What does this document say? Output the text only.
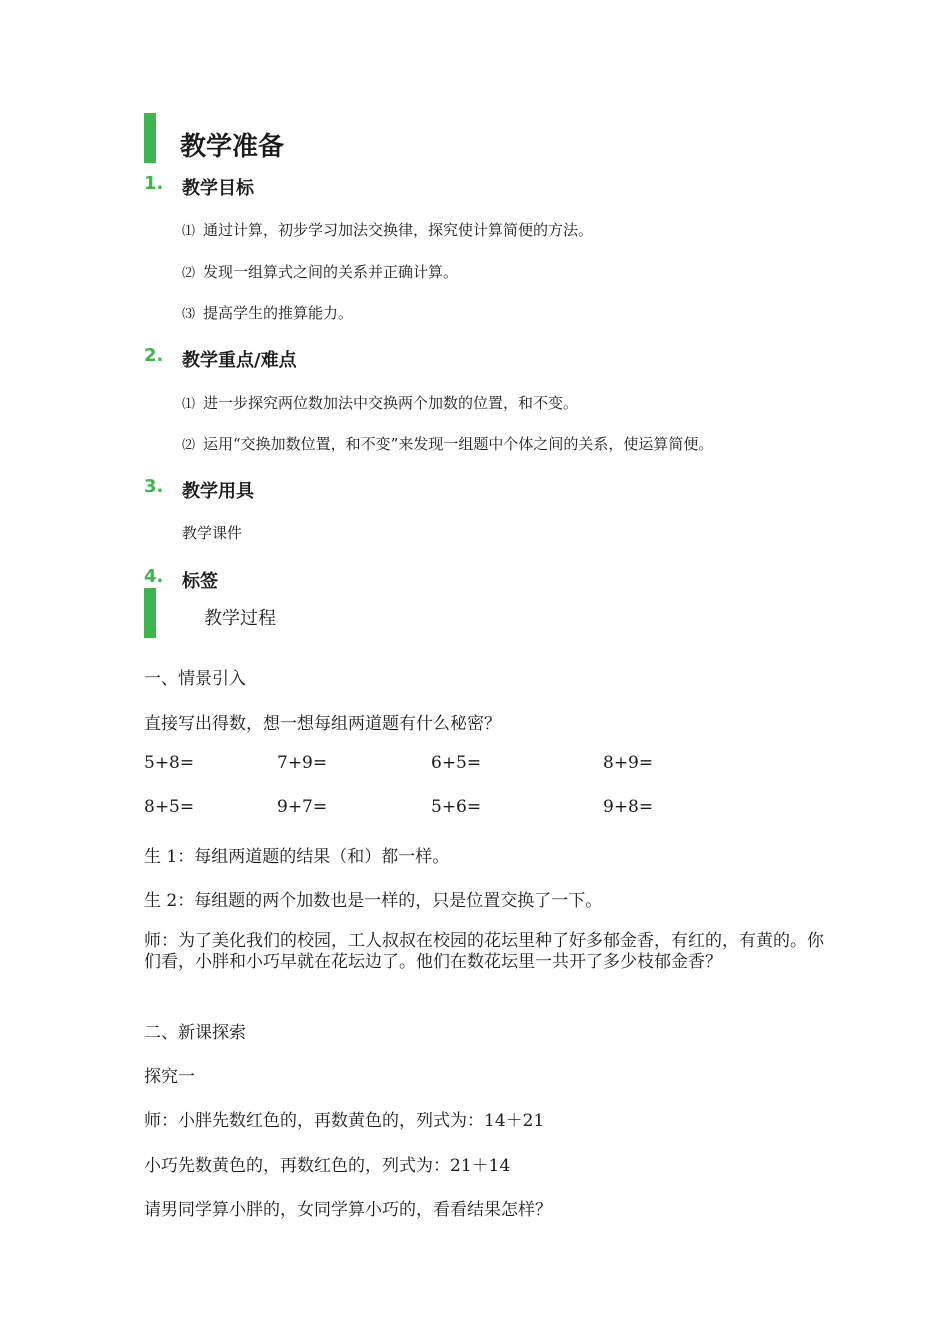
教学准备
1. 教学目标
⑴ 通过计算，初步学习加法交换律，探究使计算简便的方法。
⑵ 发现一组算式之间的关系并正确计算。
⑶ 提高学生的推算能力。
2. 教学重点/难点
⑴ 进一步探究两位数加法中交换两个加数的位置，和不变。
⑵ 运用“交换加数位置，和不变”来发现一组题中个体之间的关系，使运算简便。
3. 教学用具
教学课件
4. 标签
教学过程
一、情景引入
直接写出得数，想一想每组两道题有什么秘密？
5+8=	7+9=	6+5=	8+9=
8+5=	9+7=	5+6=	9+8=
生 1：每组两道题的结果（和）都一样。
生 2：每组题的两个加数也是一样的，只是位置交换了一下。
师：为了美化我们的校园，工人叔叔在校园的花坛里种了好多郁金香，有红的，有黄的。你们看，小胖和小巧早就在花坛边了。他们在数花坛里一共开了多少枝郁金香？
二、新课探索
探究一
师：小胖先数红色的，再数黄色的，列式为：14＋21
小巧先数黄色的，再数红色的，列式为：21＋14
请男同学算小胖的，女同学算小巧的，看看结果怎样？
